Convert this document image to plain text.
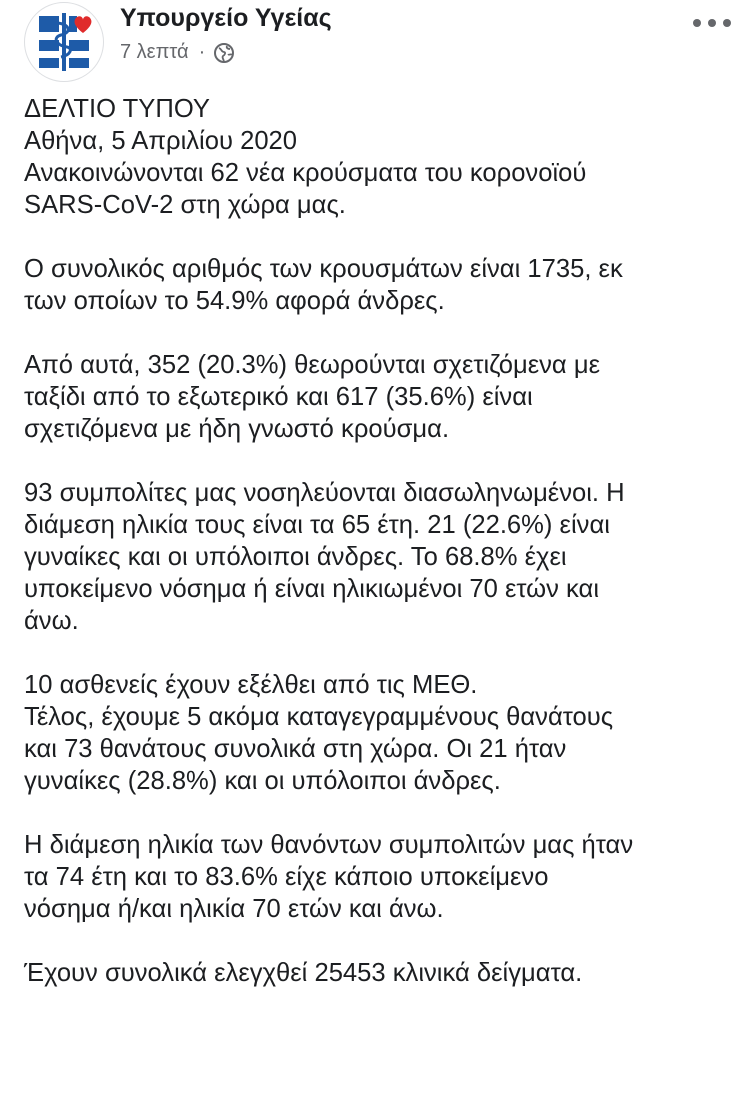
Υπουργείο Υγείας
7 λεπτά ·

ΔΕΛΤΙΟ ΤΥΠΟΥ
Αθήνα, 5 Απριλίου 2020
Ανακοινώνονται 62 νέα κρούσματα του κορονοϊού
SARS-CoV-2 στη χώρα μας.

Ο συνολικός αριθμός των κρουσμάτων είναι 1735, εκ
των οποίων το 54.9% αφορά άνδρες.

Από αυτά, 352 (20.3%) θεωρούνται σχετιζόμενα με
ταξίδι από το εξωτερικό και 617 (35.6%) είναι
σχετιζόμενα με ήδη γνωστό κρούσμα.

93 συμπολίτες μας νοσηλεύονται διασωληνωμένοι. Η
διάμεση ηλικία τους είναι τα 65 έτη. 21 (22.6%) είναι
γυναίκες και οι υπόλοιποι άνδρες. Το 68.8% έχει
υποκείμενο νόσημα ή είναι ηλικιωμένοι 70 ετών και
άνω.

10 ασθενείς έχουν εξέλθει από τις ΜΕΘ.
Τέλος, έχουμε 5 ακόμα καταγεγραμμένους θανάτους
και 73 θανάτους συνολικά στη χώρα. Οι 21 ήταν
γυναίκες (28.8%) και οι υπόλοιποι άνδρες.

Η διάμεση ηλικία των θανόντων συμπολιτών μας ήταν
τα 74 έτη και το 83.6% είχε κάποιο υποκείμενο
νόσημα ή/και ηλικία 70 ετών και άνω.

Έχουν συνολικά ελεγχθεί 25453 κλινικά δείγματα.
